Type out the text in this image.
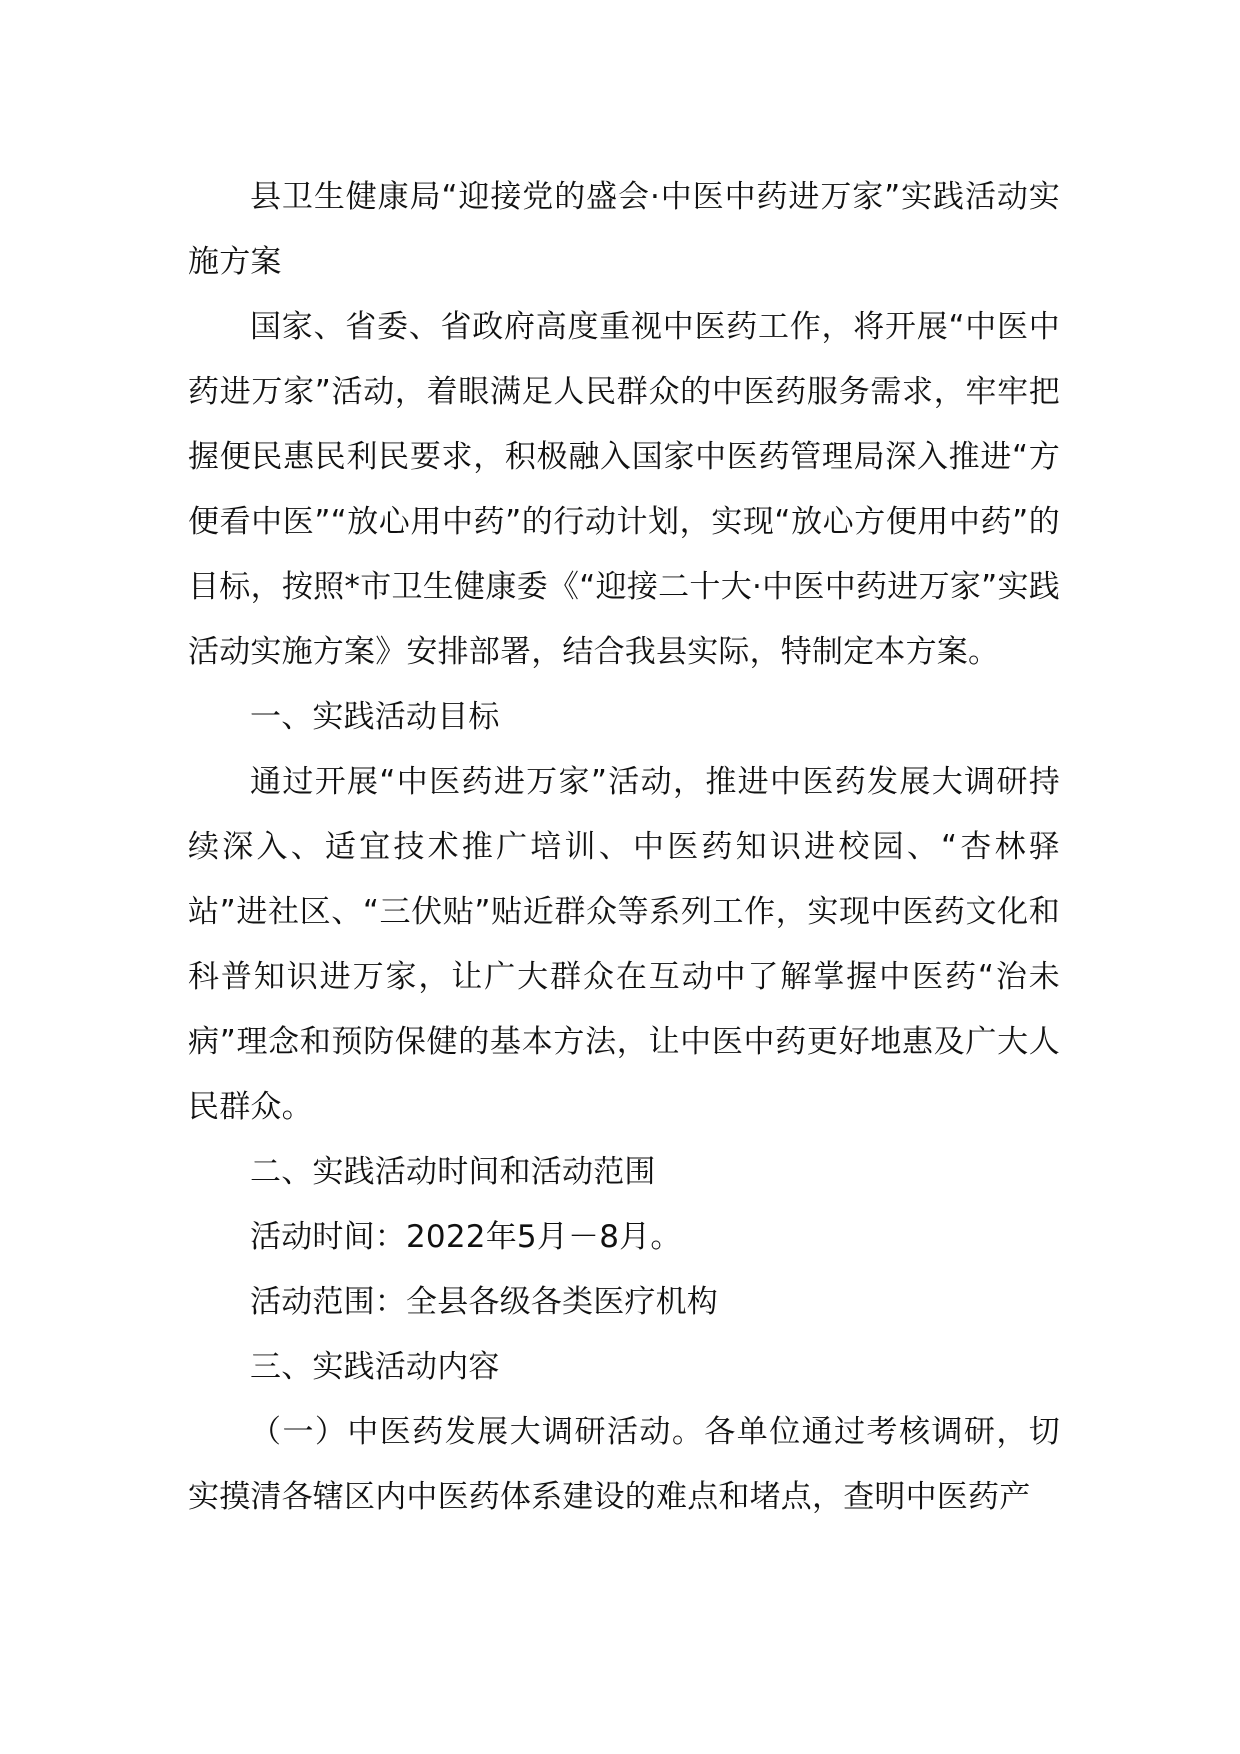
县卫生健康局“迎接党的盛会·中医中药进万家”实践活动实施方案

国家、省委、省政府高度重视中医药工作，将开展“中医中药进万家”活动，着眼满足人民群众的中医药服务需求，牢牢把握便民惠民利民要求，积极融入国家中医药管理局深入推进“方便看中医”“放心用中药”的行动计划，实现“放心方便用中药”的目标，按照*市卫生健康委《“迎接二十大·中医中药进万家”实践活动实施方案》安排部署，结合我县实际，特制定本方案。

一、实践活动目标

通过开展“中医药进万家”活动，推进中医药发展大调研持续深入、适宜技术推广培训、中医药知识进校园、“杏林驿站”进社区、“三伏贴”贴近群众等系列工作，实现中医药文化和科普知识进万家，让广大群众在互动中了解掌握中医药“治未病”理念和预防保健的基本方法，让中医中药更好地惠及广大人民群众。

二、实践活动时间和活动范围

活动时间：2022年5月－8月。

活动范围：全县各级各类医疗机构

三、实践活动内容

（一）中医药发展大调研活动。各单位通过考核调研，切实摸清各辖区内中医药体系建设的难点和堵点，查明中医药产
